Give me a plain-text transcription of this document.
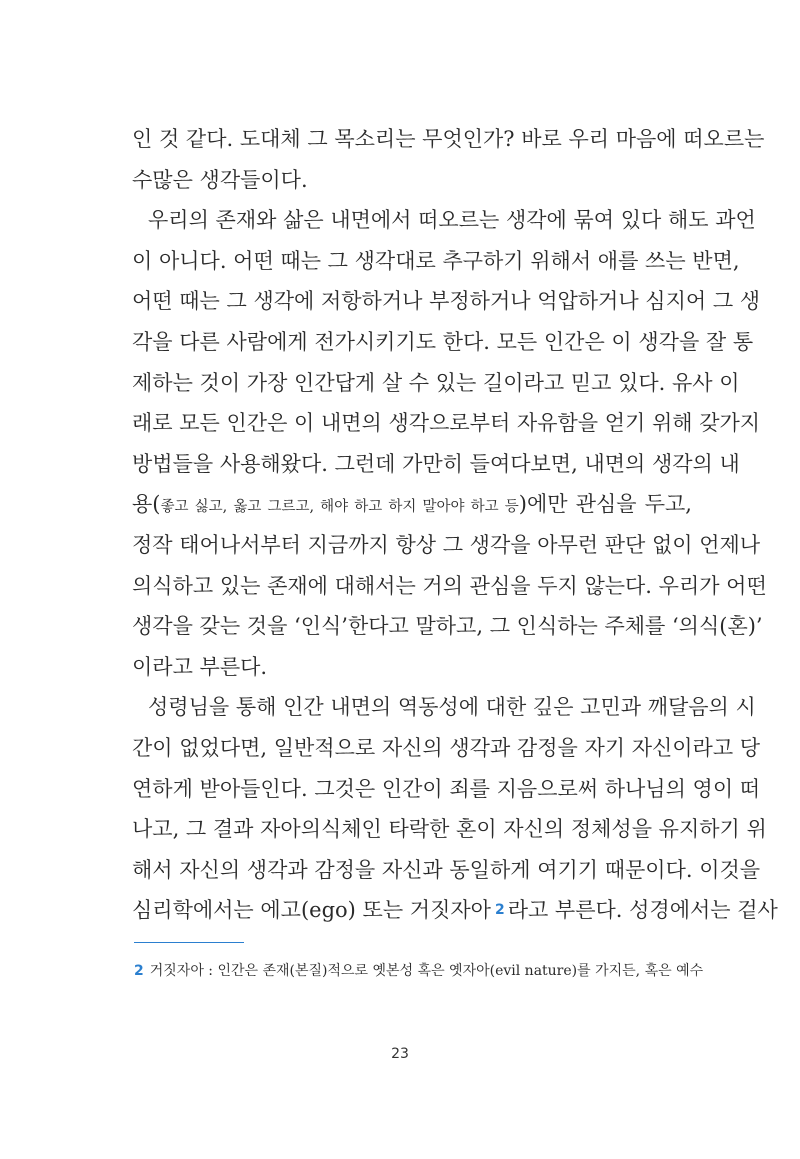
인 것 같다. 도대체 그 목소리는 무엇인가? 바로 우리 마음에 떠오르는
수많은 생각들이다.
우리의 존재와 삶은 내면에서 떠오르는 생각에 묶여 있다 해도 과언
이 아니다. 어떤 때는 그 생각대로 추구하기 위해서 애를 쓰는 반면,
어떤 때는 그 생각에 저항하거나 부정하거나 억압하거나 심지어 그 생
각을 다른 사람에게 전가시키기도 한다. 모든 인간은 이 생각을 잘 통
제하는 것이 가장 인간답게 살 수 있는 길이라고 믿고 있다. 유사 이
래로 모든 인간은 이 내면의 생각으로부터 자유함을 얻기 위해 갖가지
방법들을 사용해왔다. 그런데 가만히 들여다보면, 내면의 생각의 내
용(좋고 싫고, 옳고 그르고, 해야 하고 하지 말아야 하고 등)에만 관심을 두고,
정작 태어나서부터 지금까지 항상 그 생각을 아무런 판단 없이 언제나
의식하고 있는 존재에 대해서는 거의 관심을 두지 않는다. 우리가 어떤
생각을 갖는 것을 ‘인식’한다고 말하고, 그 인식하는 주체를 ‘의식(혼)’
이라고 부른다.
성령님을 통해 인간 내면의 역동성에 대한 깊은 고민과 깨달음의 시
간이 없었다면, 일반적으로 자신의 생각과 감정을 자기 자신이라고 당
연하게 받아들인다. 그것은 인간이 죄를 지음으로써 하나님의 영이 떠
나고, 그 결과 자아의식체인 타락한 혼이 자신의 정체성을 유지하기 위
해서 자신의 생각과 감정을 자신과 동일하게 여기기 때문이다. 이것을
심리학에서는 에고(ego) 또는 거짓자아 2 라고 부른다. 성경에서는 겉사
2 거짓자아 : 인간은 존재(본질)적으로 옛본성 혹은 옛자아(evil nature)를 가지든, 혹은 예수
23
